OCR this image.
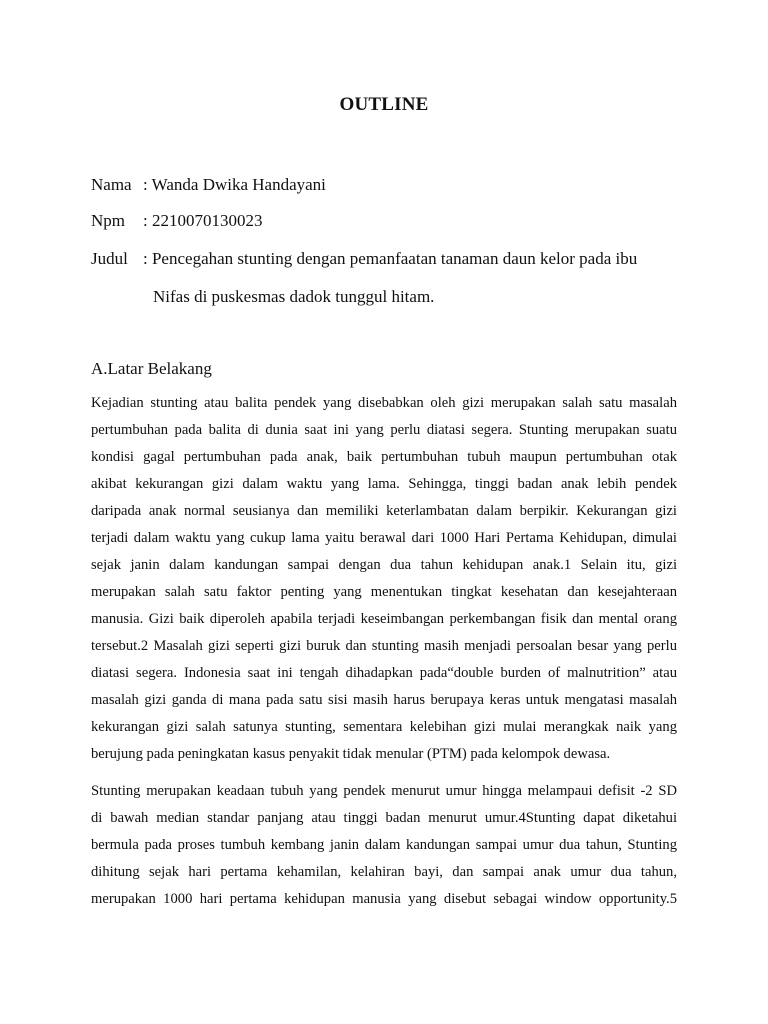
OUTLINE
Nama : Wanda Dwika Handayani
Npm : 2210070130023
Judul : Pencegahan stunting dengan pemanfaatan tanaman daun kelor pada ibu
Nifas di puskesmas dadok tunggul hitam.
A.Latar Belakang
Kejadian stunting atau balita pendek yang disebabkan oleh gizi merupakan salah satu masalah
pertumbuhan pada balita di dunia saat ini yang perlu diatasi segera. Stunting merupakan suatu
kondisi gagal pertumbuhan pada anak, baik pertumbuhan tubuh maupun pertumbuhan otak
akibat kekurangan gizi dalam waktu yang lama. Sehingga, tinggi badan anak lebih pendek
daripada anak normal seusianya dan memiliki keterlambatan dalam berpikir. Kekurangan gizi
terjadi dalam waktu yang cukup lama yaitu berawal dari 1000 Hari Pertama Kehidupan, dimulai
sejak janin dalam kandungan sampai dengan dua tahun kehidupan anak.1 Selain itu, gizi
merupakan salah satu faktor penting yang menentukan tingkat kesehatan dan kesejahteraan
manusia. Gizi baik diperoleh apabila terjadi keseimbangan perkembangan fisik dan mental orang
tersebut.2 Masalah gizi seperti gizi buruk dan stunting masih menjadi persoalan besar yang perlu
diatasi segera. Indonesia saat ini tengah dihadapkan pada“double burden of malnutrition” atau
masalah gizi ganda di mana pada satu sisi masih harus berupaya keras untuk mengatasi masalah
kekurangan gizi salah satunya stunting, sementara kelebihan gizi mulai merangkak naik yang
berujung pada peningkatan kasus penyakit tidak menular (PTM) pada kelompok dewasa.
Stunting merupakan keadaan tubuh yang pendek menurut umur hingga melampaui defisit -2 SD
di bawah median standar panjang atau tinggi badan menurut umur.4Stunting dapat diketahui
bermula pada proses tumbuh kembang janin dalam kandungan sampai umur dua tahun, Stunting
dihitung sejak hari pertama kehamilan, kelahiran bayi, dan sampai anak umur dua tahun,
merupakan 1000 hari pertama kehidupan manusia yang disebut sebagai window opportunity.5
